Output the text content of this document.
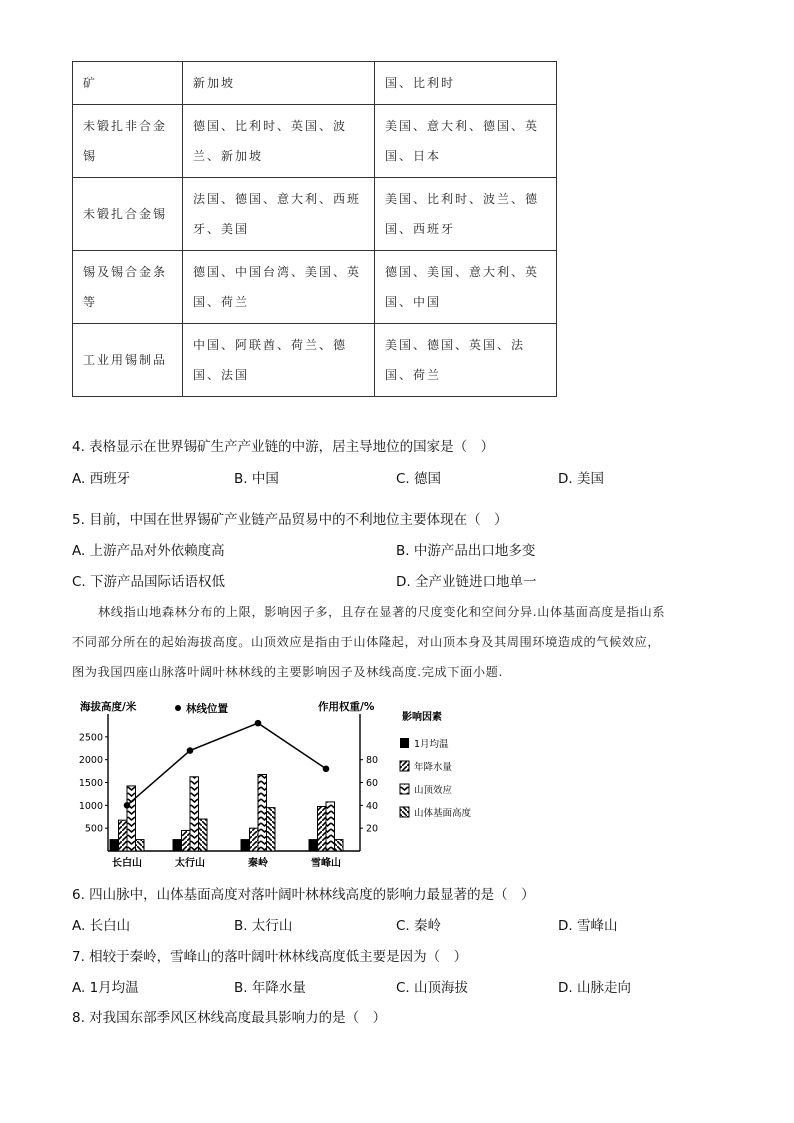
矿	新加坡	国、比利时
未锻扎非合金锡	德国、比利时、英国、波兰、新加坡	美国、意大利、德国、英国、日本
未锻扎合金锡	法国、德国、意大利、西班牙、美国	美国、比利时、波兰、德国、西班牙
锡及锡合金条等	德国、中国台湾、美国、英国、荷兰	德国、美国、意大利、英国、中国
工业用锡制品	中国、阿联酋、荷兰、德国、法国	美国、德国、英国、法国、荷兰
4. 表格显示在世界锡矿生产产业链的中游，居主导地位的国家是（　）
A. 西班牙	B. 中国	C. 德国	D. 美国
5. 目前，中国在世界锡矿产业链产品贸易中的不利地位主要体现在（　）
A. 上游产品对外依赖度高	B. 中游产品出口地多变
C. 下游产品国际话语权低	D. 全产业链进口地单一
林线指山地森林分布的上限，影响因子多，且存在显著的尺度变化和空间分异.山体基面高度是指山系
不同部分所在的起始海拔高度。山顶效应是指由于山体隆起，对山顶本身及其周围环境造成的气候效应，
图为我国四座山脉落叶阔叶林林线的主要影响因子及林线高度.完成下面小题.
海拔高度/米	作用权重/%
林线位置
500
1000
1500
2000
2500
20
40
60
80
长白山	太行山	秦岭	雪峰山
影响因素
1月均温
年降水量
山顶效应
山体基面高度
6. 四山脉中，山体基面高度对落叶阔叶林林线高度的影响力最显著的是（　）
A. 长白山	B. 太行山	C. 秦岭	D. 雪峰山
7. 相较于秦岭，雪峰山的落叶阔叶林林线高度低主要是因为（　）
A. 1月均温	B. 年降水量	C. 山顶海拔	D. 山脉走向
8. 对我国东部季风区林线高度最具影响力的是（　）
